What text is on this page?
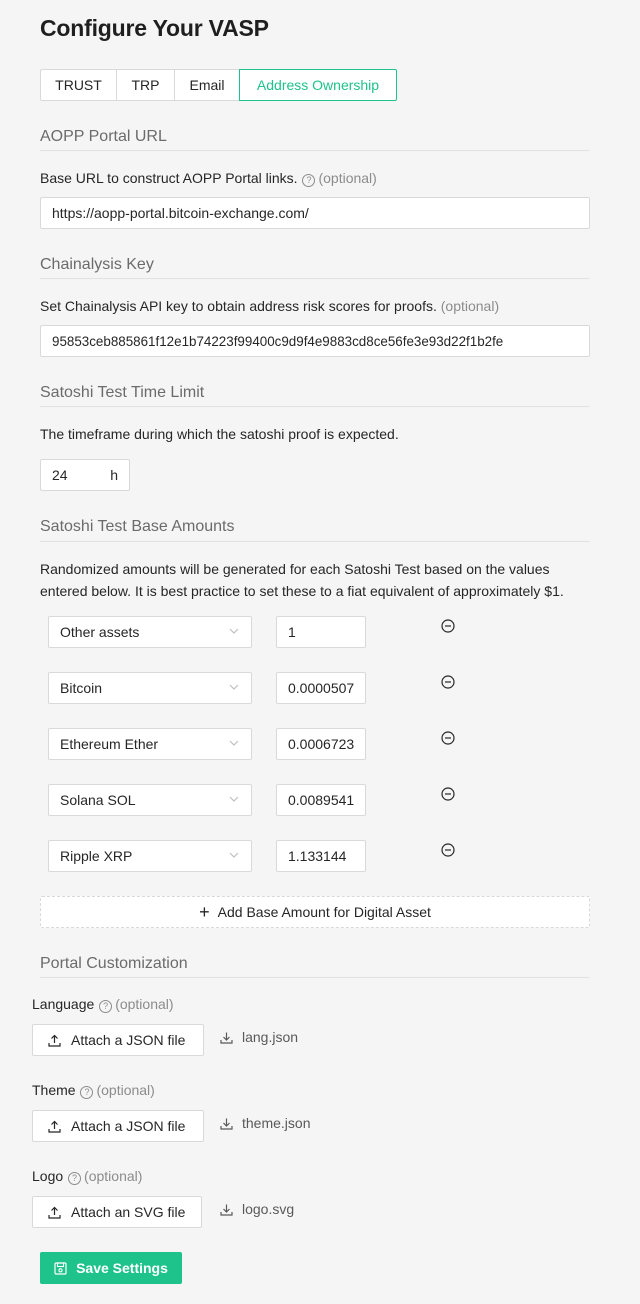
Configure Your VASP
TRUST	TRP	Email	Address Ownership
AOPP Portal URL
Base URL to construct AOPP Portal links. ? (optional)
https://aopp-portal.bitcoin-exchange.com/
Chainalysis Key
Set Chainalysis API key to obtain address risk scores for proofs. (optional)
95853ceb885861f12e1b74223f99400c9d9f4e9883cd8ce56fe3e93d22f1b2fe
Satoshi Test Time Limit
The timeframe during which the satoshi proof is expected.
24	h
Satoshi Test Base Amounts
Randomized amounts will be generated for each Satoshi Test based on the values
entered below. It is best practice to set these to a fiat equivalent of approximately $1.
Other assets	1
Bitcoin	0.0000507
Ethereum Ether	0.0006723
Solana SOL	0.0089541
Ripple XRP	1.133144
+ Add Base Amount for Digital Asset
Portal Customization
Language ? (optional)
Attach a JSON file	lang.json
Theme ? (optional)
Attach a JSON file	theme.json
Logo ? (optional)
Attach an SVG file	logo.svg
Save Settings
